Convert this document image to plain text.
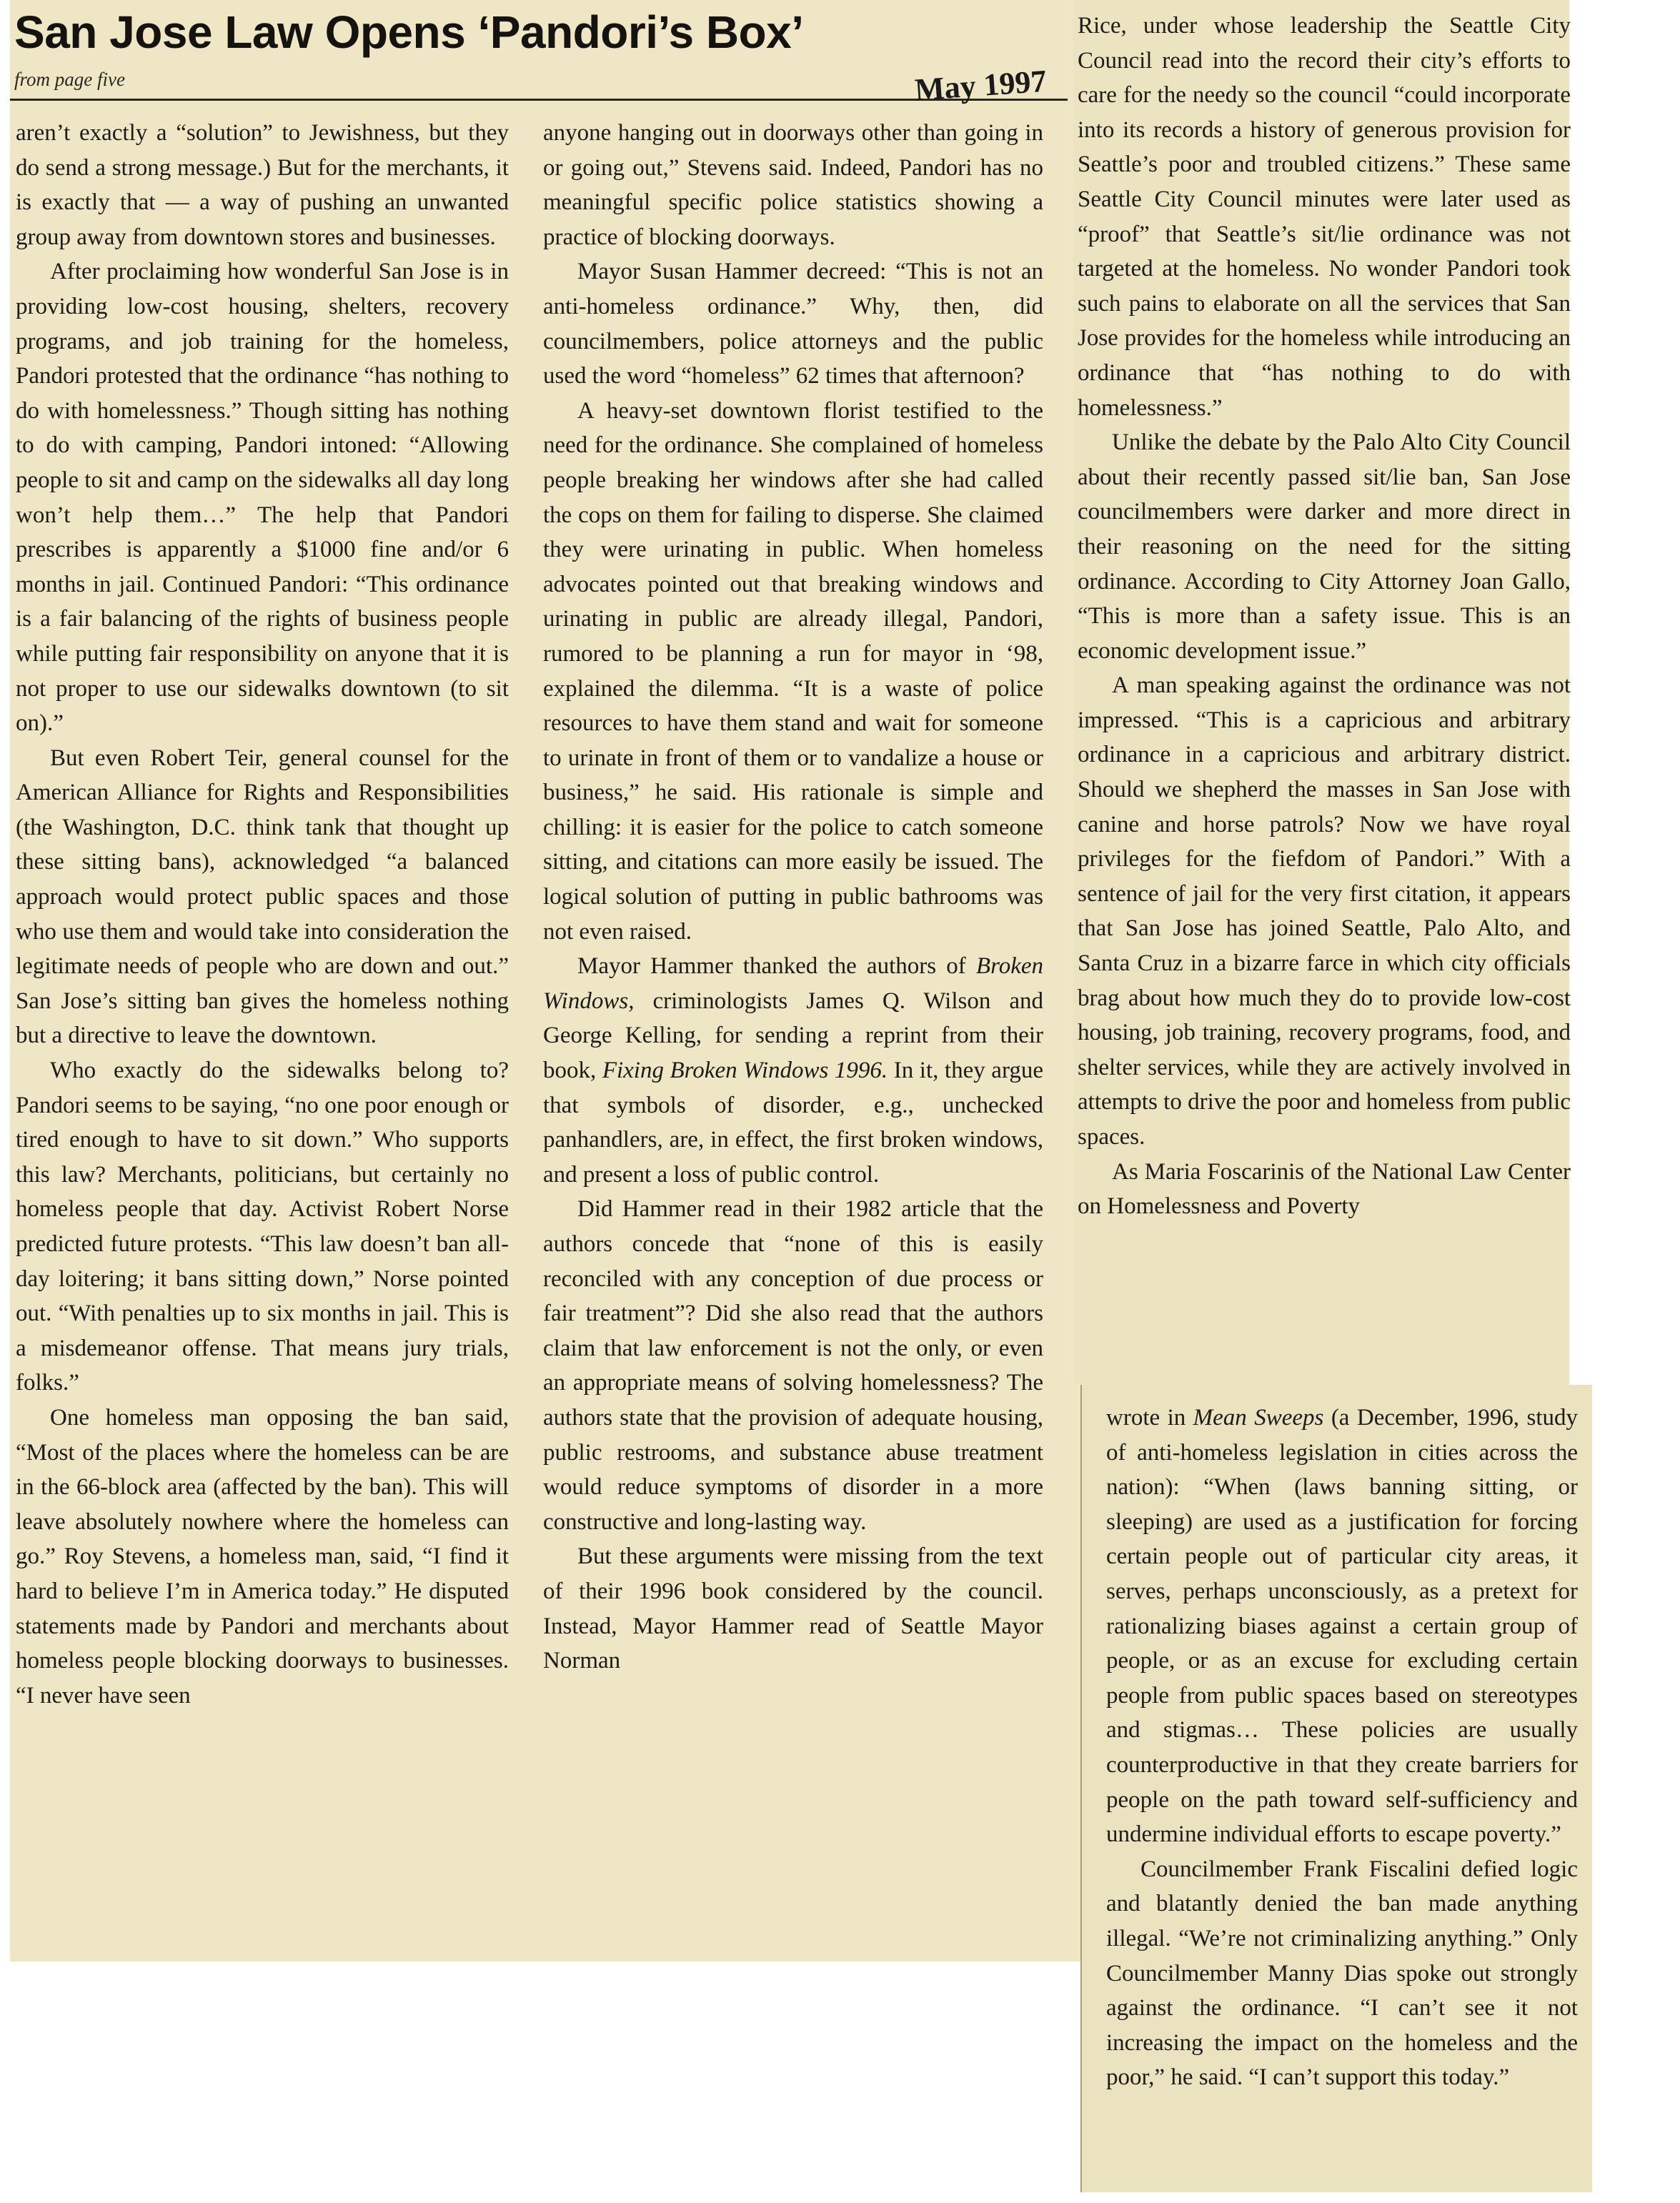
San Jose Law Opens ‘Pandori’s Box’
from page five	May 1997

aren’t exactly a “solution” to Jewishness, but they do send a strong message.) But for the merchants, it is exactly that — a way of pushing an unwanted group away from downtown stores and businesses.

After proclaiming how wonderful San Jose is in providing low-cost housing, shelters, recovery programs, and job training for the homeless, Pandori protested that the ordinance “has nothing to do with homelessness.” Though sitting has nothing to do with camping, Pandori intoned: “Allowing people to sit and camp on the sidewalks all day long won’t help them…” The help that Pandori prescribes is apparently a $1000 fine and/or 6 months in jail. Continued Pandori: “This ordinance is a fair balancing of the rights of business people while putting fair responsibility on anyone that it is not proper to use our sidewalks downtown (to sit on).”

But even Robert Teir, general counsel for the American Alliance for Rights and Responsibilities (the Washington, D.C. think tank that thought up these sitting bans), acknowledged “a balanced approach would protect public spaces and those who use them and would take into consideration the legitimate needs of people who are down and out.” San Jose’s sitting ban gives the homeless nothing but a directive to leave the downtown.

Who exactly do the sidewalks belong to? Pandori seems to be saying, “no one poor enough or tired enough to have to sit down.” Who supports this law? Merchants, politicians, but certainly no homeless people that day. Activist Robert Norse predicted future protests. “This law doesn’t ban all-day loitering; it bans sitting down,” Norse pointed out. “With penalties up to six months in jail. This is a misdemeanor offense. That means jury trials, folks.”

One homeless man opposing the ban said, “Most of the places where the homeless can be are in the 66-block area (affected by the ban). This will leave absolutely nowhere where the homeless can go.” Roy Stevens, a homeless man, said, “I find it hard to believe I’m in America today.” He disputed statements made by Pandori and merchants about homeless people blocking doorways to businesses. “I never have seen

anyone hanging out in doorways other than going in or going out,” Stevens said. Indeed, Pandori has no meaningful specific police statistics showing a practice of blocking doorways.

Mayor Susan Hammer decreed: “This is not an anti-homeless ordinance.” Why, then, did councilmembers, police attorneys and the public used the word “homeless” 62 times that afternoon?

A heavy-set downtown florist testified to the need for the ordinance. She complained of homeless people breaking her windows after she had called the cops on them for failing to disperse. She claimed they were urinating in public. When homeless advocates pointed out that breaking windows and urinating in public are already illegal, Pandori, rumored to be planning a run for mayor in ‘98, explained the dilemma. “It is a waste of police resources to have them stand and wait for someone to urinate in front of them or to vandalize a house or business,” he said. His rationale is simple and chilling: it is easier for the police to catch someone sitting, and citations can more easily be issued. The logical solution of putting in public bathrooms was not even raised.

Mayor Hammer thanked the authors of Broken Windows, criminologists James Q. Wilson and George Kelling, for sending a reprint from their book, Fixing Broken Windows 1996. In it, they argue that symbols of disorder, e.g., unchecked panhandlers, are, in effect, the first broken windows, and present a loss of public control.

Did Hammer read in their 1982 article that the authors concede that “none of this is easily reconciled with any conception of due process or fair treatment”? Did she also read that the authors claim that law enforcement is not the only, or even an appropriate means of solving homelessness? The authors state that the provision of adequate housing, public restrooms, and substance abuse treatment would reduce symptoms of disorder in a more constructive and long-lasting way.

But these arguments were missing from the text of their 1996 book considered by the council. Instead, Mayor Hammer read of Seattle Mayor Norman

Rice, under whose leadership the Seattle City Council read into the record their city’s efforts to care for the needy so the council “could incorporate into its records a history of generous provision for Seattle’s poor and troubled citizens.” These same Seattle City Council minutes were later used as “proof” that Seattle’s sit/lie ordinance was not targeted at the homeless. No wonder Pandori took such pains to elaborate on all the services that San Jose provides for the homeless while introducing an ordinance that “has nothing to do with homelessness.”

Unlike the debate by the Palo Alto City Council about their recently passed sit/lie ban, San Jose councilmembers were darker and more direct in their reasoning on the need for the sitting ordinance. According to City Attorney Joan Gallo, “This is more than a safety issue. This is an economic development issue.”

A man speaking against the ordinance was not impressed. “This is a capricious and arbitrary ordinance in a capricious and arbitrary district. Should we shepherd the masses in San Jose with canine and horse patrols? Now we have royal privileges for the fiefdom of Pandori.” With a sentence of jail for the very first citation, it appears that San Jose has joined Seattle, Palo Alto, and Santa Cruz in a bizarre farce in which city officials brag about how much they do to provide low-cost housing, job training, recovery programs, food, and shelter services, while they are actively involved in attempts to drive the poor and homeless from public spaces.

As Maria Foscarinis of the National Law Center on Homelessness and Poverty

wrote in Mean Sweeps (a December, 1996, study of anti-homeless legislation in cities across the nation): “When (laws banning sitting, or sleeping) are used as a justification for forcing certain people out of particular city areas, it serves, perhaps unconsciously, as a pretext for rationalizing biases against a certain group of people, or as an excuse for excluding certain people from public spaces based on stereotypes and stigmas… These policies are usually counterproductive in that they create barriers for people on the path toward self-sufficiency and undermine individual efforts to escape poverty.”

Councilmember Frank Fiscalini defied logic and blatantly denied the ban made anything illegal. “We’re not criminalizing anything.” Only Councilmember Manny Dias spoke out strongly against the ordinance. “I can’t see it not increasing the impact on the homeless and the poor,” he said. “I can’t support this today.”
